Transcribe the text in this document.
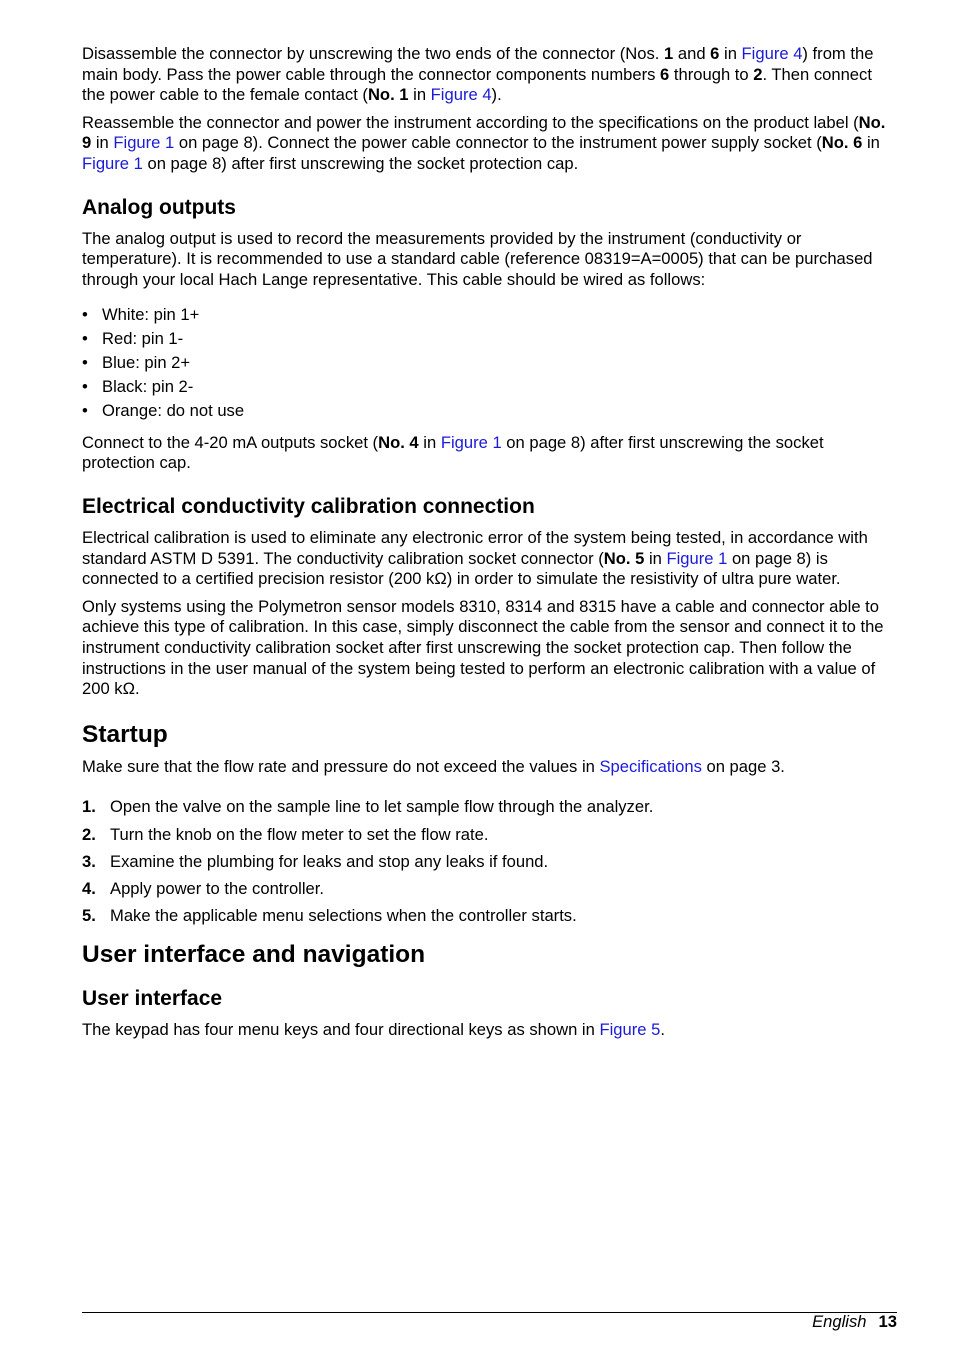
Disassemble the connector by unscrewing the two ends of the connector (Nos. 1 and 6 in Figure 4) from the main body. Pass the power cable through the connector components numbers 6 through to 2. Then connect the power cable to the female contact (No. 1 in Figure 4).

Reassemble the connector and power the instrument according to the specifications on the product label (No. 9 in Figure 1 on page 8). Connect the power cable connector to the instrument power supply socket (No. 6 in Figure 1 on page 8) after first unscrewing the socket protection cap.

Analog outputs

The analog output is used to record the measurements provided by the instrument (conductivity or temperature). It is recommended to use a standard cable (reference 08319=A=0005) that can be purchased through your local Hach Lange representative. This cable should be wired as follows:

• White: pin 1+
• Red: pin 1-
• Blue: pin 2+
• Black: pin 2-
• Orange: do not use

Connect to the 4-20 mA outputs socket (No. 4 in Figure 1 on page 8) after first unscrewing the socket protection cap.

Electrical conductivity calibration connection

Electrical calibration is used to eliminate any electronic error of the system being tested, in accordance with standard ASTM D 5391. The conductivity calibration socket connector (No. 5 in Figure 1 on page 8) is connected to a certified precision resistor (200 kΩ) in order to simulate the resistivity of ultra pure water.

Only systems using the Polymetron sensor models 8310, 8314 and 8315 have a cable and connector able to achieve this type of calibration. In this case, simply disconnect the cable from the sensor and connect it to the instrument conductivity calibration socket after first unscrewing the socket protection cap. Then follow the instructions in the user manual of the system being tested to perform an electronic calibration with a value of 200 kΩ.

Startup

Make sure that the flow rate and pressure do not exceed the values in Specifications on page 3.

1. Open the valve on the sample line to let sample flow through the analyzer.
2. Turn the knob on the flow meter to set the flow rate.
3. Examine the plumbing for leaks and stop any leaks if found.
4. Apply power to the controller.
5. Make the applicable menu selections when the controller starts.
User interface and navigation
User interface

The keypad has four menu keys and four directional keys as shown in Figure 5.

English 13
